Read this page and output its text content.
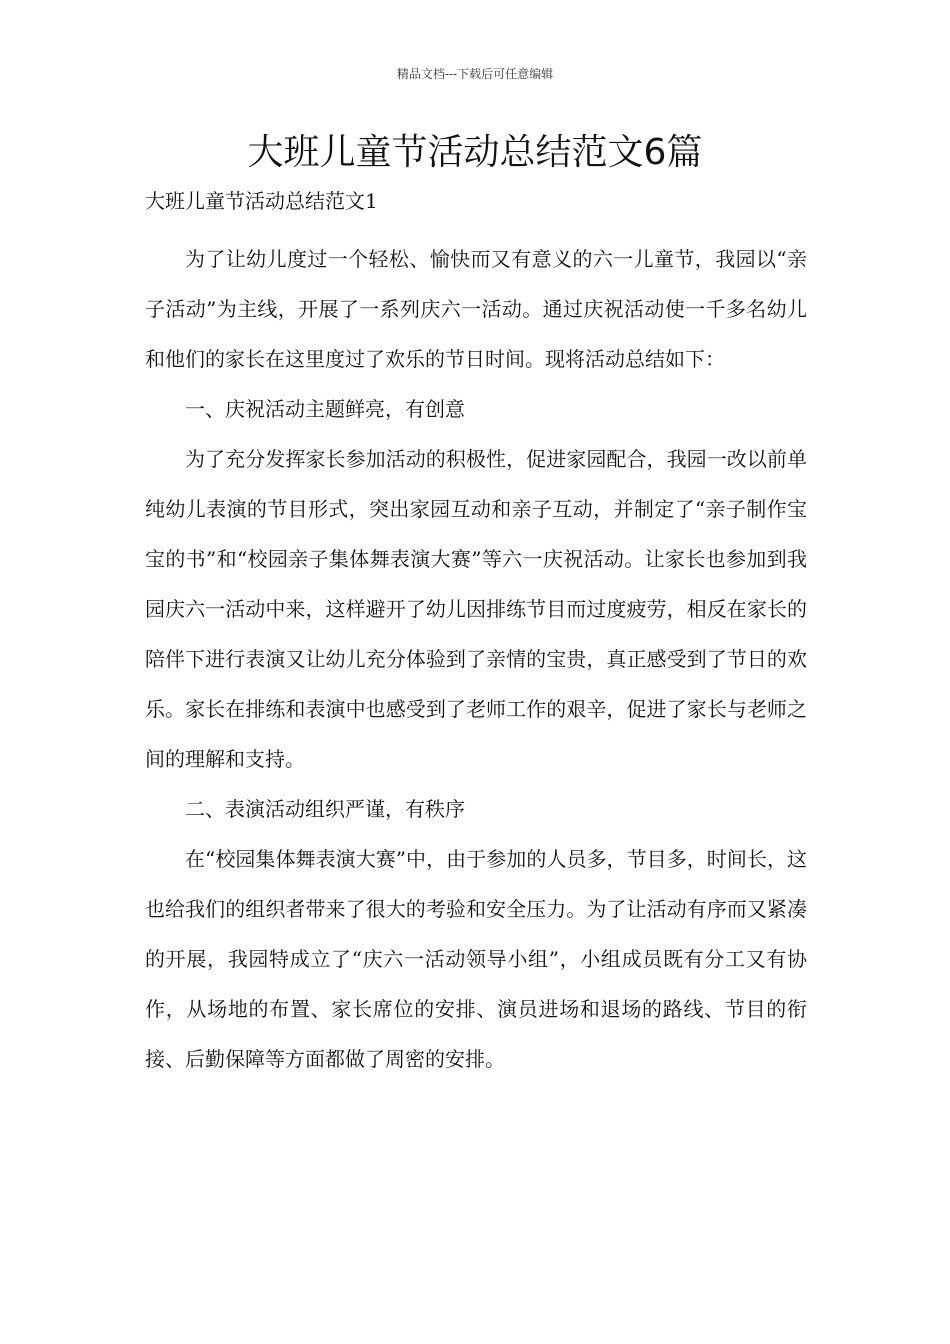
精品文档---下载后可任意编辑
大班儿童节活动总结范文6篇
大班儿童节活动总结范文1

为了让幼儿度过一个轻松、愉快而又有意义的六一儿童节，我园以“亲子活动”为主线，开展了一系列庆六一活动。通过庆祝活动使一千多名幼儿和他们的家长在这里度过了欢乐的节日时间。现将活动总结如下：

一、庆祝活动主题鲜亮，有创意

为了充分发挥家长参加活动的积极性，促进家园配合，我园一改以前单纯幼儿表演的节目形式，突出家园互动和亲子互动，并制定了“亲子制作宝宝的书”和“校园亲子集体舞表演大赛”等六一庆祝活动。让家长也参加到我园庆六一活动中来，这样避开了幼儿因排练节目而过度疲劳，相反在家长的陪伴下进行表演又让幼儿充分体验到了亲情的宝贵，真正感受到了节日的欢乐。家长在排练和表演中也感受到了老师工作的艰辛，促进了家长与老师之间的理解和支持。

二、表演活动组织严谨，有秩序

在“校园集体舞表演大赛”中，由于参加的人员多，节目多，时间长，这也给我们的组织者带来了很大的考验和安全压力。为了让活动有序而又紧凑的开展，我园特成立了“庆六一活动领导小组”，小组成员既有分工又有协作，从场地的布置、家长席位的安排、演员进场和退场的路线、节目的衔接、后勤保障等方面都做了周密的安排。
